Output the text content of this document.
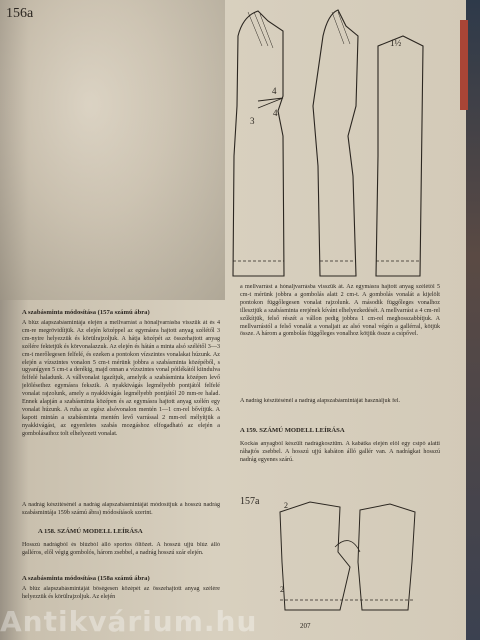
156a
3
4
4
1½
A szabásminta módosítása (157a számú ábra)
A blúz alapszabásmintája elején a mellvarrást a hónaljvarrásba visszük át és 4 cm-re megrövidítjük. Az elején középpel az egymásra hajtott anyag szélétől 3 cm-nyire helyezzük és körülrajzoljuk. A hátja középét az összehajtott anyag szélére fektetjük és körvonalazzuk. Az elején és hátán a minta alsó szélétől 3—3 cm-t merőlegesen felfelé, és ezeken a pontokon vízszintes vonalakat húzunk. Az elején a vízszintes vonalon 5 cm-t mérünk jobbra a szabásminta középéből, s ugyanígyen 5 cm-t a derékig, majd onnan a vízszintes vonal pótlékától kiindulva felfelé haladunk. A vállvonalat igazítjuk, amelyik a szabásminta középen levő jelöléseihez egymásra fekszik. A nyakkivágás legmélyebb pontjától felfelé vonalat rajzolunk, amely a nyakkivágás legmélyebb pontjától 20 mm-re halad. Ennek alapján a szabásminta középen és az egymásra hajtott anyag szélén egy vonalat húzunk. A ruha az egész alsóvonalon mentén 1—1 cm-rel bővítjük. A kapott mintán a szabásminta mentén levő varrással 2 mm-rel mélyítjük a nyakkivágást, az egyenletes szabás mozgáshoz elfogadható az elején a gombolásaihoz tolt elhelyezett vonalat.
A nadrág készítésénél a nadrág alapszabásmintáját módosítjuk a hosszú nadrág szabásmintája 159b számú ábra) módosítások szerint.
A 158. SZÁMÚ MODELL LEÍRÁSA
Hosszú nadrágból és blúzból álló sportos öltözet. A hosszú ujjú blúz álló galléros, elől végig gombolós, három zsebbel, a nadrág hosszú szár elején.
A szabásminta módosítása (158a számú ábra)
A blúz alapszabásmintáját bőségesen középét az összehajtott anyag szélére helyezzük és körülrajzoljuk. Az elején
a mellvarrást a hónaljvarrásba visszük át. Az egymásra hajtott anyag szélétől 5 cm-t mérünk jobbra a gombolás alatt 2 cm-t. A gombolás vonalát a kijelölt pontokon függőlegesen vonalat rajzolunk. A második függőleges vonalhoz illesztjük a szabásminta erejének kívánt elhelyezkedését. A mellvarrást a 4 cm-rel szűkítjük, felső részét a vállon pedig jobbra 1 cm-rel meghosszabbítjuk. A mellvarrástól a felső vonalát a vonaljait az alsó vonal végén a gallérral, kötjük össze. A három a gombolás függőleges vonalhoz kötjük össze a csípővel.
A nadrág készítésénél a nadrág alapszabásmintáját használjuk fel.
A 159. SZÁMÚ MODELL LEÍRÁSA
Kockás anyagból készült nadrágkosztüm. A kabátka elején elől egy csípő alatti ráhajtós zsebbel. A hosszú ujjú kabáton álló gallér van. A nadrágkat hosszú nadrág egyenes szárú.
157a	2
2
207
Antikvárium.hu
